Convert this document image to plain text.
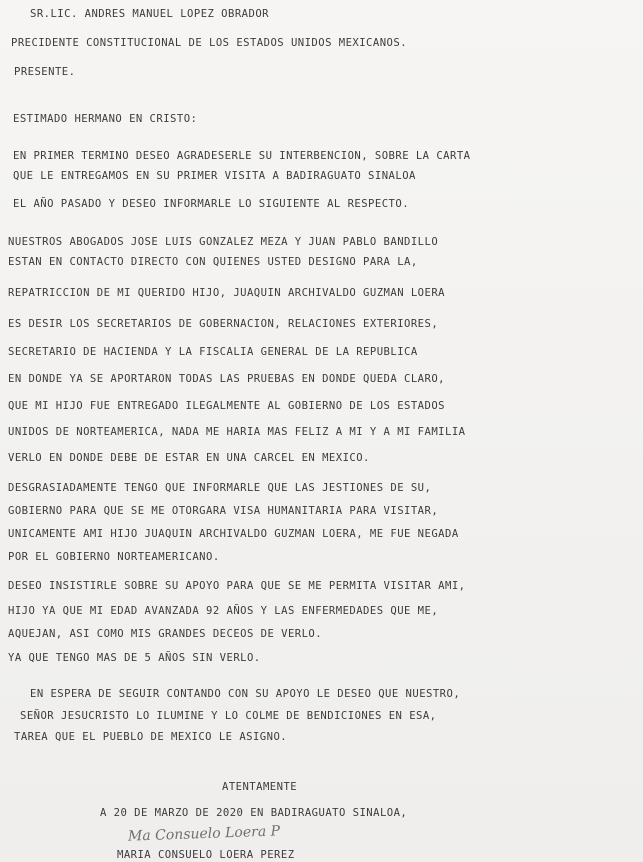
SR.LIC. ANDRES MANUEL LOPEZ OBRADOR

PRECIDENTE CONSTITUCIONAL DE LOS ESTADOS UNIDOS MEXICANOS.

PRESENTE.

ESTIMADO HERMANO EN CRISTO:

EN PRIMER TERMINO DESEO AGRADESERLE SU INTERBENCION, SOBRE LA CARTA

QUE LE ENTREGAMOS EN SU PRIMER VISITA A BADIRAGUATO SINALOA

EL AÑO PASADO Y DESEO INFORMARLE LO SIGUIENTE AL RESPECTO.

NUESTROS ABOGADOS JOSE LUIS GONZALEZ MEZA Y JUAN PABLO BANDILLO

ESTAN EN CONTACTO DIRECTO CON QUIENES USTED DESIGNO PARA LA,

REPATRICCION DE MI QUERIDO HIJO, JUAQUIN ARCHIVALDO GUZMAN LOERA

ES DESIR LOS SECRETARIOS DE GOBERNACION, RELACIONES EXTERIORES,

SECRETARIO DE HACIENDA Y LA FISCALIA GENERAL DE LA REPUBLICA

EN DONDE YA SE APORTARON TODAS LAS PRUEBAS EN DONDE QUEDA CLARO,

QUE MI HIJO FUE ENTREGADO ILEGALMENTE AL GOBIERNO DE LOS ESTADOS

UNIDOS DE NORTEAMERICA, NADA ME HARIA MAS FELIZ A MI Y A MI FAMILIA

VERLO EN DONDE DEBE DE ESTAR EN UNA CARCEL EN MEXICO.

DESGRASIADAMENTE TENGO QUE INFORMARLE QUE LAS JESTIONES DE SU,

GOBIERNO PARA QUE SE ME OTORGARA VISA HUMANITARIA PARA VISITAR,

UNICAMENTE AMI HIJO JUAQUIN ARCHIVALDO GUZMAN LOERA, ME FUE NEGADA

POR EL GOBIERNO NORTEAMERICANO.

DESEO INSISTIRLE SOBRE SU APOYO PARA QUE SE ME PERMITA VISITAR AMI,

HIJO YA QUE MI EDAD AVANZADA 92 AÑOS Y LAS ENFERMEDADES QUE ME,

AQUEJAN, ASI COMO MIS GRANDES DECEOS DE VERLO.

YA QUE TENGO MAS DE 5 AÑOS SIN VERLO.

EN ESPERA DE SEGUIR CONTANDO CON SU APOYO LE DESEO QUE NUESTRO,

SEÑOR JESUCRISTO LO ILUMINE Y LO COLME DE BENDICIONES EN ESA,

TAREA QUE EL PUEBLO DE MEXICO LE ASIGNO.

ATENTAMENTE

A 20 DE MARZO DE 2020 EN BADIRAGUATO SINALOA,

Ma Consuelo Loera P

MARIA CONSUELO LOERA PEREZ
